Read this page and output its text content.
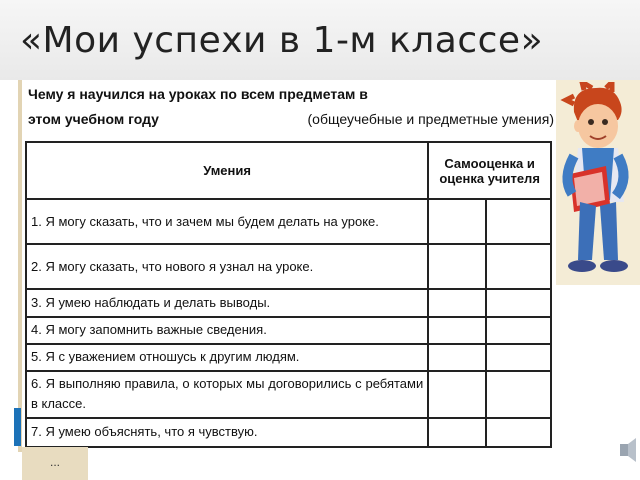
«Мои успехи в 1-м классе»
Чему я научился на уроках по всем предметам в
этом учебном году	(общеучебные и предметные умения)
Умения	Самооценка и оценка учителя	
1. Я могу сказать, что и зачем мы будем делать на уроке.		
2. Я могу сказать, что нового я узнал на уроке.		
3. Я умею наблюдать и делать выводы.		
4. Я могу запомнить важные сведения.		
5. Я с уважением отношусь к другим людям.		
6. Я выполняю правила, о которых мы договорились с ребятами в классе.		
7. Я умею объяснять, что я чувствую.		
...
